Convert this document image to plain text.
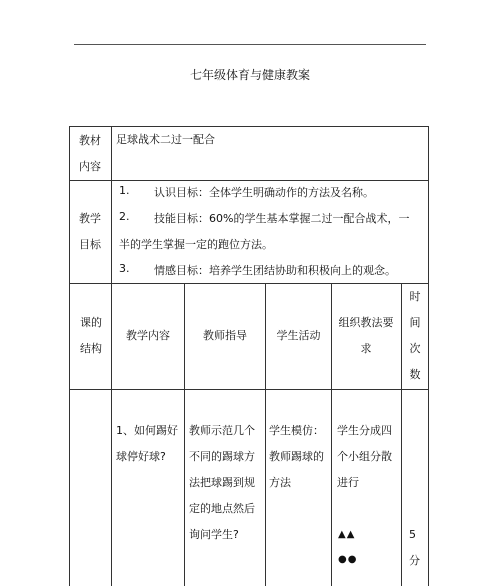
七年级体育与健康教案
教材内容
足球战术二过一配合
教学目标
1. 认识目标：全体学生明确动作的方法及名称。
2. 技能目标：60%的学生基本掌握二过一配合战术，一
半的学生掌握一定的跑位方法。
3. 情感目标：培养学生团结协助和积极向上的观念。
课的结构
教学内容	教师指导	学生活动
组织教法要求
时间次数
1、如何踢好球停好球?
教师示范几个不同的踢球方法把球踢到规定的地点然后询问学生?
学生模仿：教师踢球的方法
学生分成四个小组分散进行
▲▲
●●
5分
